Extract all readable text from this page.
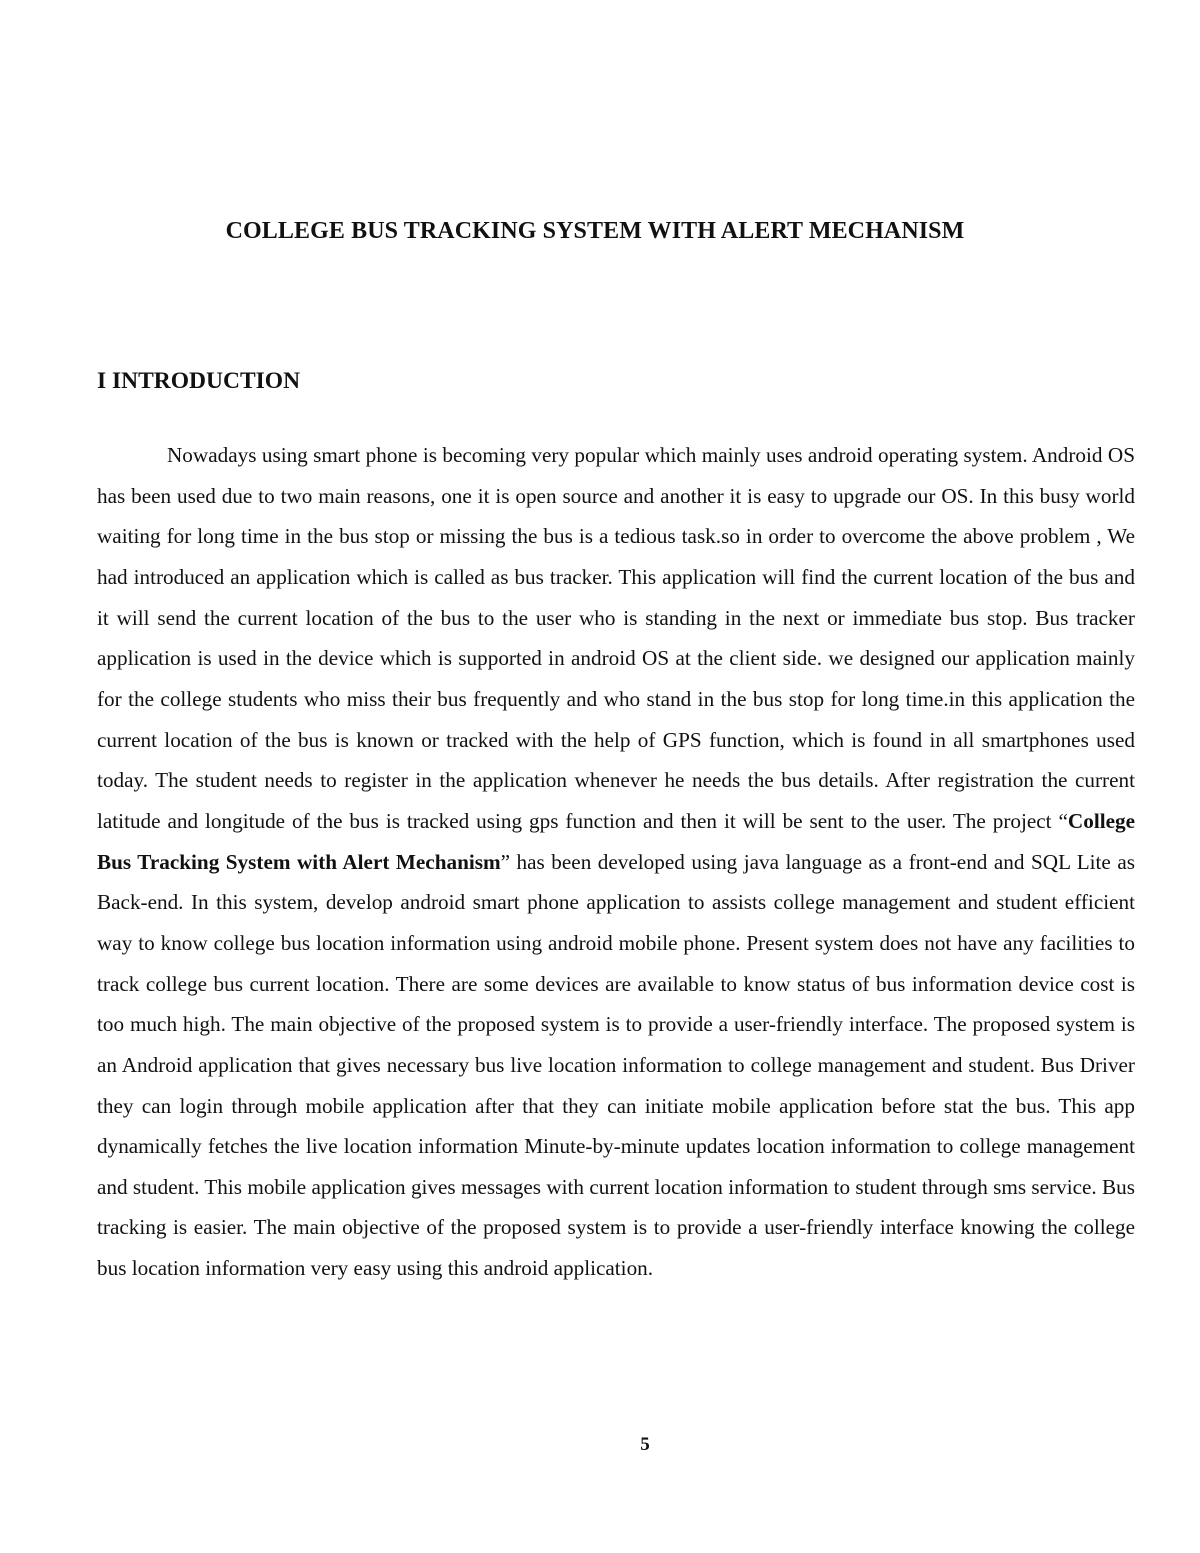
COLLEGE BUS TRACKING SYSTEM WITH ALERT MECHANISM
I INTRODUCTION

Nowadays using smart phone is becoming very popular which mainly uses android operating system. Android OS has been used due to two main reasons, one it is open source and another it is easy to upgrade our OS. In this busy world waiting for long time in the bus stop or missing the bus is a tedious task.so in order to overcome the above problem , We had introduced an application which is called as bus tracker. This application will find the current location of the bus and it will send the current location of the bus to the user who is standing in the next or immediate bus stop. Bus tracker application is used in the device which is supported in android OS at the client side. we designed our application mainly for the college students who miss their bus frequently and who stand in the bus stop for long time.in this application the current location of the bus is known or tracked with the help of GPS function, which is found in all smartphones used today. The student needs to register in the application whenever he needs the bus details. After registration the current latitude and longitude of the bus is tracked using gps function and then it will be sent to the user. The project “College Bus Tracking System with Alert Mechanism” has been developed using java language as a front-end and SQL Lite as Back-end. In this system, develop android smart phone application to assists college management and student efficient way to know college bus location information using android mobile phone. Present system does not have any facilities to track college bus current location. There are some devices are available to know status of bus information device cost is too much high. The main objective of the proposed system is to provide a user-friendly interface. The proposed system is an Android application that gives necessary bus live location information to college management and student. Bus Driver they can login through mobile application after that they can initiate mobile application before stat the bus. This app dynamically fetches the live location information Minute-by-minute updates location information to college management and student. This mobile application gives messages with current location information to student through sms service. Bus tracking is easier. The main objective of the proposed system is to provide a user-friendly interface knowing the college bus location information very easy using this android application.

5
